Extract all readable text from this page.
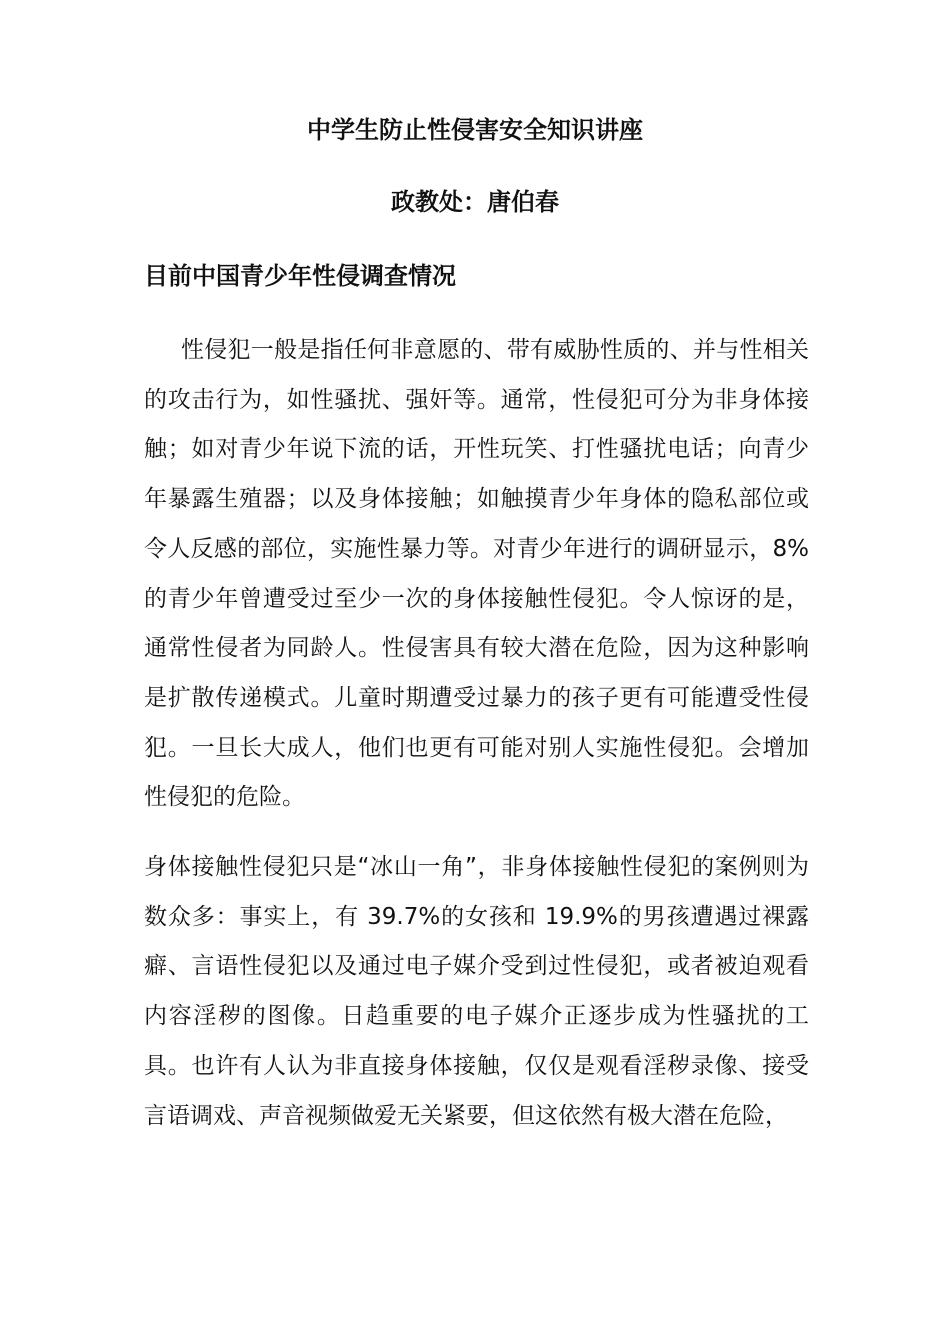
中学生防止性侵害安全知识讲座
政教处：唐伯春
目前中国青少年性侵调查情况

性侵犯一般是指任何非意愿的、带有威胁性质的、并与性相关的攻击行为，如性骚扰、强奸等。通常，性侵犯可分为非身体接触；如对青少年说下流的话，开性玩笑、打性骚扰电话；向青少年暴露生殖器；以及身体接触；如触摸青少年身体的隐私部位或令人反感的部位，实施性暴力等。对青少年进行的调研显示，8%的青少年曾遭受过至少一次的身体接触性侵犯。令人惊讶的是，通常性侵者为同龄人。性侵害具有较大潜在危险，因为这种影响是扩散传递模式。儿童时期遭受过暴力的孩子更有可能遭受性侵犯。一旦长大成人，他们也更有可能对别人实施性侵犯。会增加性侵犯的危险。

身体接触性侵犯只是“冰山一角”，非身体接触性侵犯的案例则为数众多：事实上，有 39.7%的女孩和 19.9%的男孩遭遇过裸露癖、言语性侵犯以及通过电子媒介受到过性侵犯，或者被迫观看内容淫秽的图像。日趋重要的电子媒介正逐步成为性骚扰的工具。也许有人认为非直接身体接触，仅仅是观看淫秽录像、接受言语调戏、声音视频做爱无关紧要，但这依然有极大潜在危险，
